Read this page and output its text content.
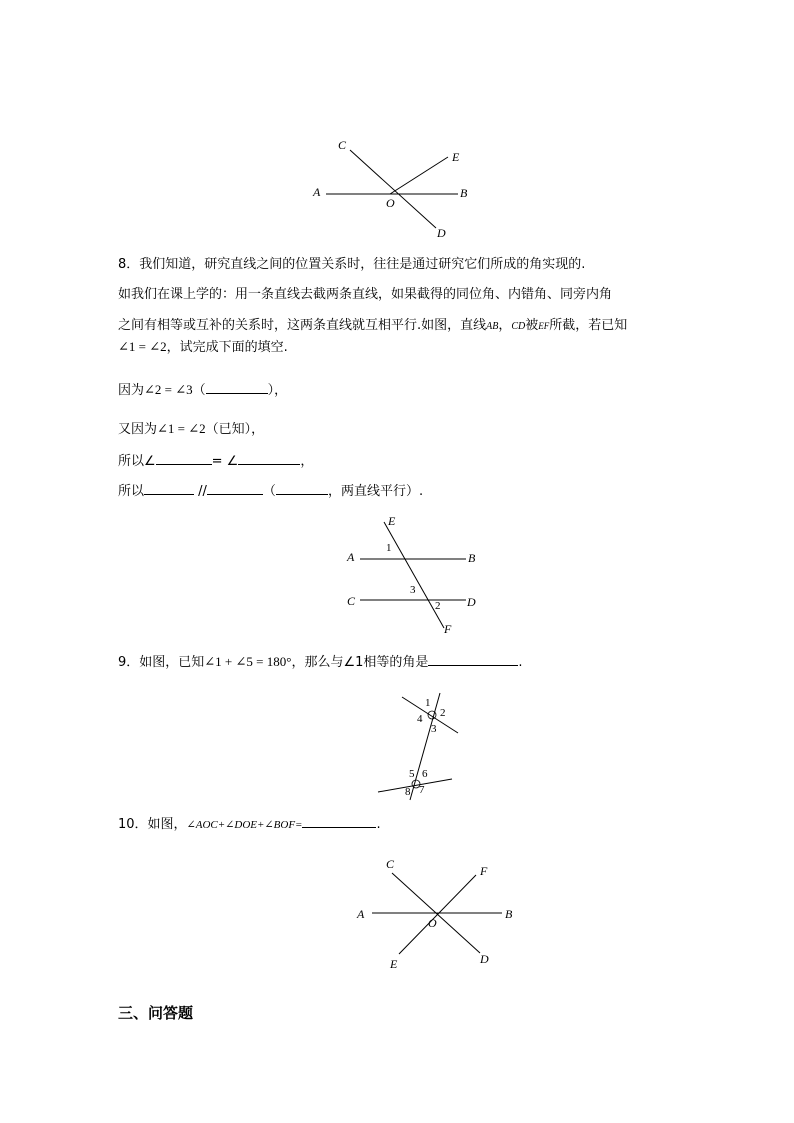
C
E
A	B
O
D
8．我们知道，研究直线之间的位置关系时，往往是通过研究它们所成的角实现的.
如我们在课上学的：用一条直线去截两条直线，如果截得的同位角、内错角、同旁内角
之间有相等或互补的关系时，这两条直线就互相平行.如图，直线AB，CD被EF所截，若已知
∠1 = ∠2，试完成下面的填空.
因为∠2 = ∠3（	），
又因为∠1 = ∠2（已知），
所以∠	= ∠	，
所以	//	（	，两直线平行）.
E
1
A	B
3
C	D
2
F
9．如图，已知∠1 + ∠5 = 180°，那么与∠1相等的角是	.
1
2
4
3
5 6
8 7
10．如图，∠AOC+∠DOE+∠BOF=	.
C	F
A	B
O
D
E
三、问答题
